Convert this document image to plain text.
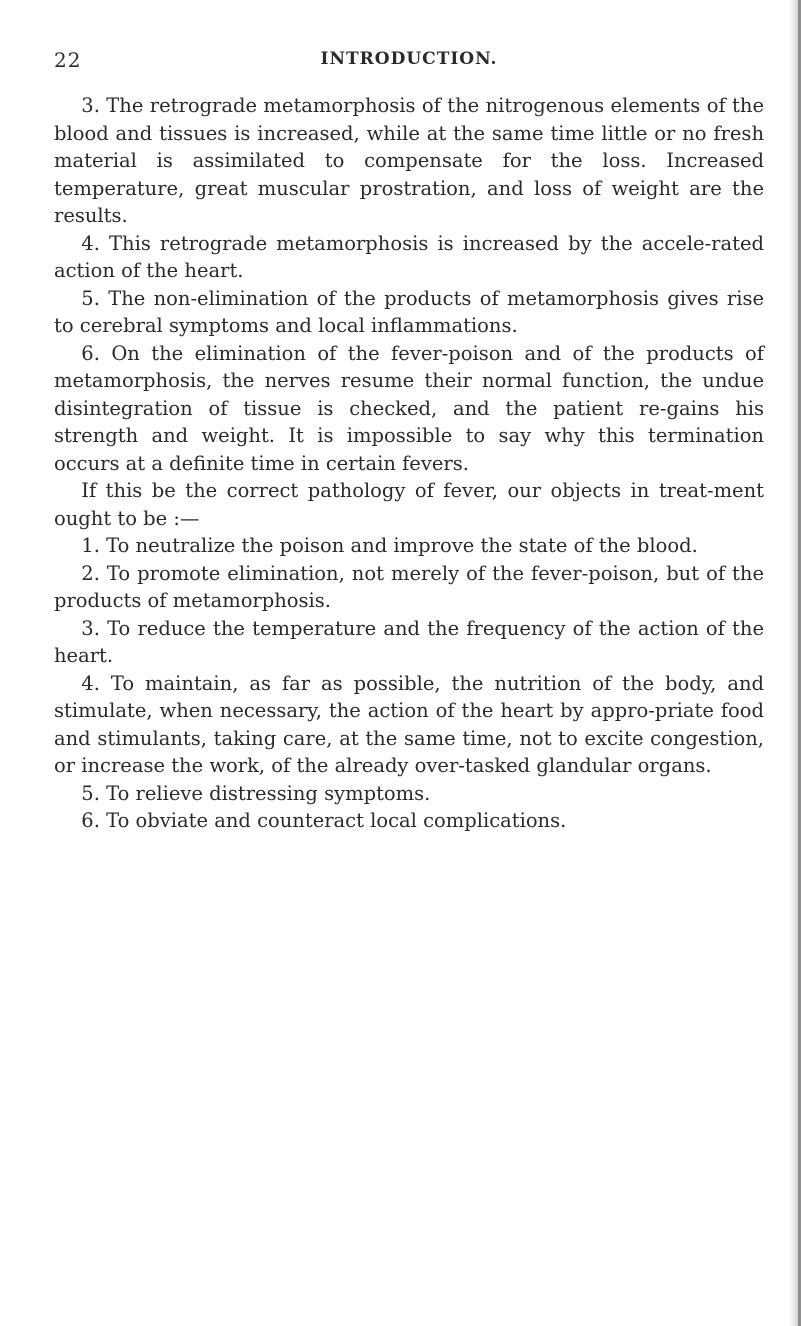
22	INTRODUCTION.

3. The retrograde metamorphosis of the nitrogenous elements of the blood and tissues is increased, while at the same time little or no fresh material is assimilated to compensate for the loss. Increased temperature, great muscular prostration, and loss of weight are the results.

4. This retrograde metamorphosis is increased by the accele-rated action of the heart.

5. The non-elimination of the products of metamorphosis gives rise to cerebral symptoms and local inflammations.

6. On the elimination of the fever-poison and of the products of metamorphosis, the nerves resume their normal function, the undue disintegration of tissue is checked, and the patient re-gains his strength and weight. It is impossible to say why this termination occurs at a definite time in certain fevers.

If this be the correct pathology of fever, our objects in treat-ment ought to be :—

1. To neutralize the poison and improve the state of the blood.

2. To promote elimination, not merely of the fever-poison, but of the products of metamorphosis.

3. To reduce the temperature and the frequency of the action of the heart.

4. To maintain, as far as possible, the nutrition of the body, and stimulate, when necessary, the action of the heart by appro-priate food and stimulants, taking care, at the same time, not to excite congestion, or increase the work, of the already over-tasked glandular organs.

5. To relieve distressing symptoms.

6. To obviate and counteract local complications.
